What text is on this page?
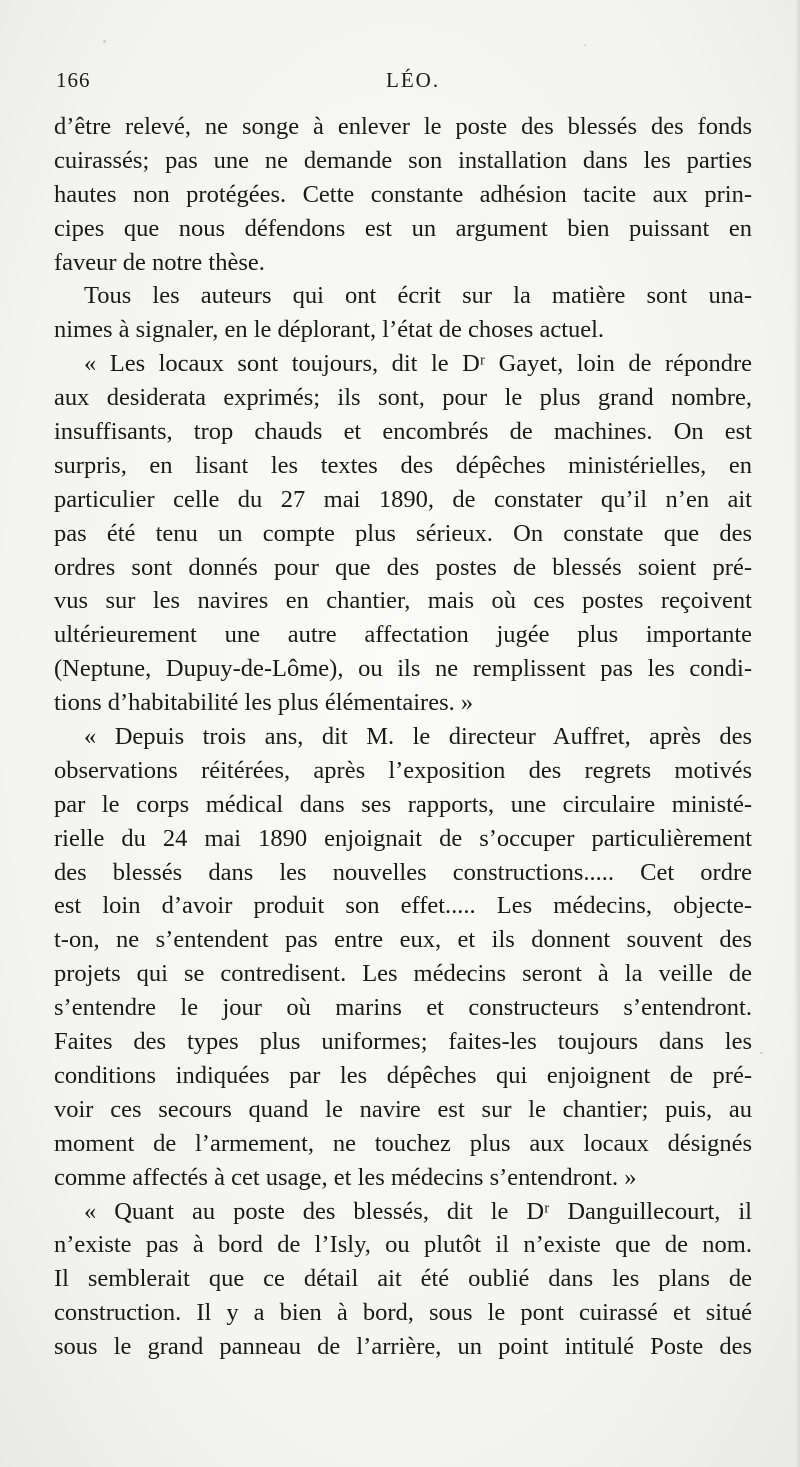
166	LÉO.
d’être relevé, ne songe à enlever le poste des blessés des fonds
cuirassés; pas une ne demande son installation dans les parties
hautes non protégées. Cette constante adhésion tacite aux prin-
cipes que nous défendons est un argument bien puissant en
faveur de notre thèse.
Tous les auteurs qui ont écrit sur la matière sont una-
nimes à signaler, en le déplorant, l’état de choses actuel.
« Les locaux sont toujours, dit le Dʳ Gayet, loin de répondre
aux desiderata exprimés; ils sont, pour le plus grand nombre,
insuffisants, trop chauds et encombrés de machines. On est
surpris, en lisant les textes des dépêches ministérielles, en
particulier celle du 27 mai 1890, de constater qu’il n’en ait
pas été tenu un compte plus sérieux. On constate que des
ordres sont donnés pour que des postes de blessés soient pré-
vus sur les navires en chantier, mais où ces postes reçoivent
ultérieurement une autre affectation jugée plus importante
(Neptune, Dupuy-de-Lôme), ou ils ne remplissent pas les condi-
tions d’habitabilité les plus élémentaires. »
« Depuis trois ans, dit M. le directeur Auffret, après des
observations réitérées, après l’exposition des regrets motivés
par le corps médical dans ses rapports, une circulaire ministé-
rielle du 24 mai 1890 enjoignait de s’occuper particulièrement
des blessés dans les nouvelles constructions..... Cet ordre
est loin d’avoir produit son effet..... Les médecins, objecte-
t-on, ne s’entendent pas entre eux, et ils donnent souvent des
projets qui se contredisent. Les médecins seront à la veille de
s’entendre le jour où marins et constructeurs s’entendront.
Faites des types plus uniformes; faites-les toujours dans les
conditions indiquées par les dépêches qui enjoignent de pré-
voir ces secours quand le navire est sur le chantier; puis, au
moment de l’armement, ne touchez plus aux locaux désignés
comme affectés à cet usage, et les médecins s’entendront. »
« Quant au poste des blessés, dit le Dʳ Danguillecourt, il
n’existe pas à bord de l’Isly, ou plutôt il n’existe que de nom.
Il semblerait que ce détail ait été oublié dans les plans de
construction. Il y a bien à bord, sous le pont cuirassé et situé
sous le grand panneau de l’arrière, un point intitulé Poste des
